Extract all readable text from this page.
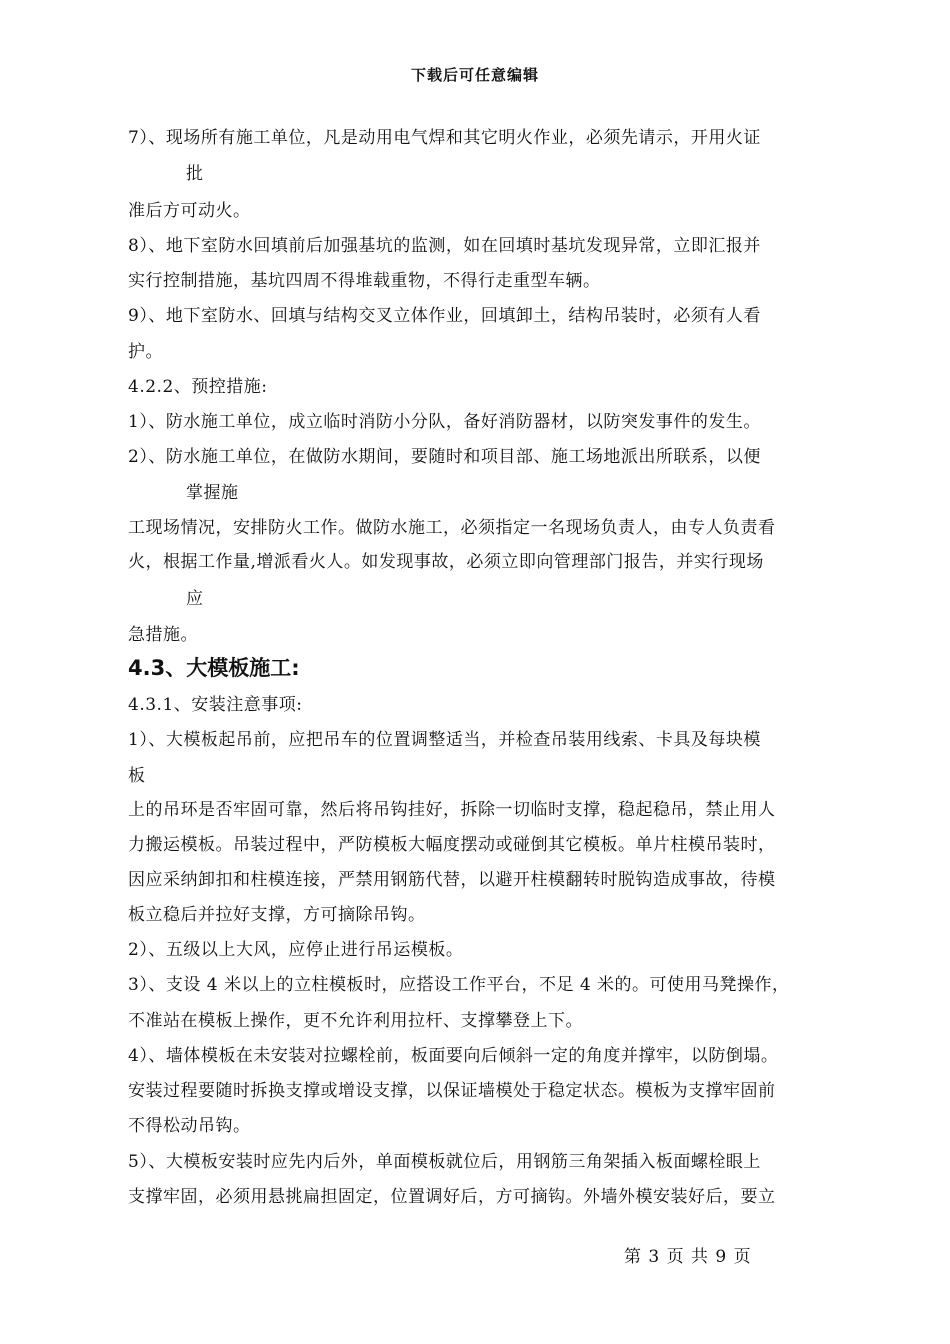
下载后可任意编辑
7）、现场所有施工单位，凡是动用电气焊和其它明火作业，必须先请示，开用火证
批
准后方可动火。
8）、地下室防水回填前后加强基坑的监测，如在回填时基坑发现异常，立即汇报并
实行控制措施，基坑四周不得堆载重物，不得行走重型车辆。
9）、地下室防水、回填与结构交叉立体作业，回填卸土，结构吊装时，必须有人看
护。
4.2.2、预控措施:
1）、防水施工单位，成立临时消防小分队，备好消防器材，以防突发事件的发生。
2）、防水施工单位，在做防水期间，要随时和项目部、施工场地派出所联系，以便
掌握施
工现场情况，安排防火工作。做防水施工，必须指定一名现场负责人，由专人负责看
火，根据工作量,增派看火人。如发现事故，必须立即向管理部门报告，并实行现场
应
急措施。
4.3、大模板施工:
4.3.1、安装注意事项:
1）、大模板起吊前，应把吊车的位置调整适当，并检查吊装用线索、卡具及每块模
板
上的吊环是否牢固可靠，然后将吊钩挂好，拆除一切临时支撑，稳起稳吊，禁止用人
力搬运模板。吊装过程中，严防模板大幅度摆动或碰倒其它模板。单片柱模吊装时，
因应采纳卸扣和柱模连接，严禁用钢筋代替，以避开柱模翻转时脱钩造成事故，待模
板立稳后并拉好支撑，方可摘除吊钩。
2）、五级以上大风，应停止进行吊运模板。
3）、支设 4 米以上的立柱模板时，应搭设工作平台，不足 4 米的。可使用马凳操作，
不准站在模板上操作，更不允许利用拉杆、支撑攀登上下。
4）、墙体模板在未安装对拉螺栓前，板面要向后倾斜一定的角度并撑牢，以防倒塌。
安装过程要随时拆换支撑或增设支撑，以保证墙模处于稳定状态。模板为支撑牢固前
不得松动吊钩。
5）、大模板安装时应先内后外，单面模板就位后，用钢筋三角架插入板面螺栓眼上
支撑牢固，必须用悬挑扁担固定，位置调好后，方可摘钩。外墙外模安装好后，要立
第 3 页 共 9 页
